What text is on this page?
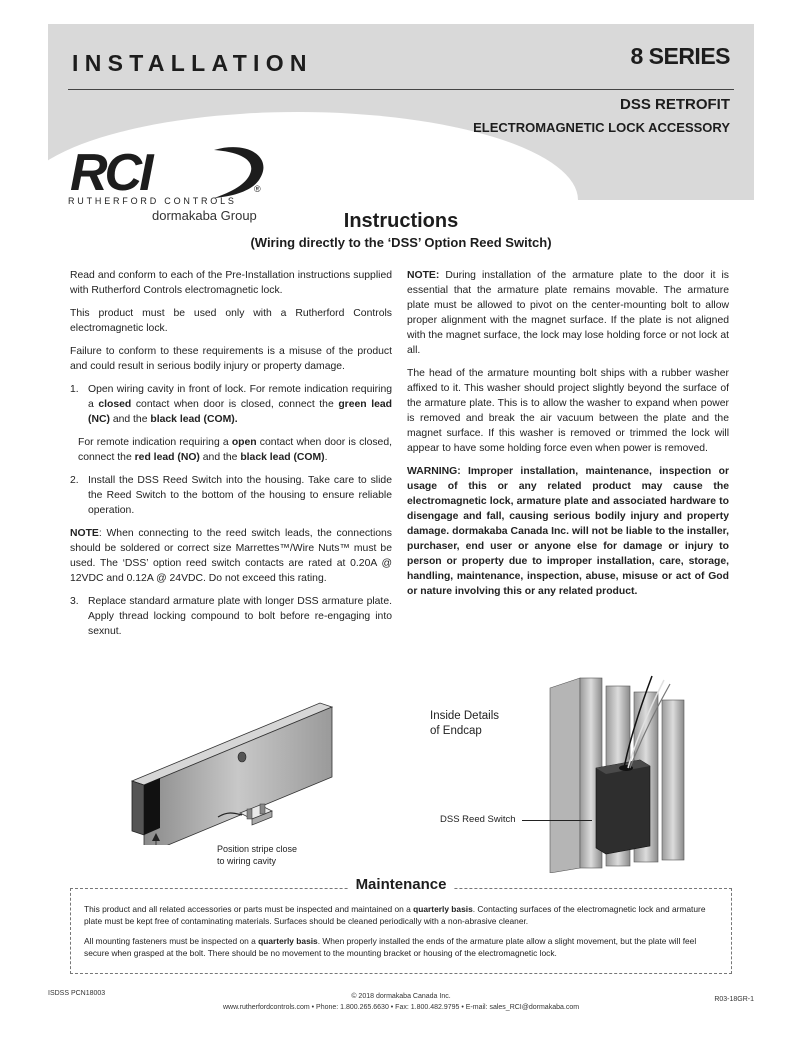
INSTALLATION	8 SERIES
DSS RETROFIT
ELECTROMAGNETIC LOCK ACCESSORY
RCI	®
RUTHERFORD CONTROLS
dormakaba Group	Instructions
(Wiring directly to the ‘DSS’ Option Reed Switch)

Read and conform to each of the Pre-Installation instructions supplied with Rutherford Controls electromagnetic lock.

This product must be used only with a Rutherford Controls electromagnetic lock.

Failure to conform to these requirements is a misuse of the product and could result in serious bodily injury or property damage.

1. Open wiring cavity in front of lock. For remote indication requiring a closed contact when door is closed, connect the green lead (NC) and the black lead (COM).
For remote indication requiring a open contact when door is closed, connect the red lead (NO) and the black lead (COM).
2. Install the DSS Reed Switch into the housing. Take care to slide the Reed Switch to the bottom of the housing to ensure reliable operation.

NOTE: When connecting to the reed switch leads, the connections should be soldered or correct size Marrettes™/Wire Nuts™ must be used. The ‘DSS’ option reed switch contacts are rated at 0.20A @ 12VDC and 0.12A @ 24VDC. Do not exceed this rating.

3. Replace standard armature plate with longer DSS armature plate. Apply thread locking compound to bolt before re-engaging into sexnut.

NOTE: During installation of the armature plate to the door it is essential that the armature plate remains movable. The armature plate must be allowed to pivot on the center-mounting bolt to allow proper alignment with the magnet surface. If the plate is not aligned with the magnet surface, the lock may lose holding force or not lock at all.

The head of the armature mounting bolt ships with a rubber washer affixed to it. This washer should project slightly beyond the surface of the armature plate. This is to allow the washer to expand when power is removed and break the air vacuum between the plate and the magnet surface. If this washer is removed or trimmed the lock will appear to have some holding force even when power is removed.

WARNING: Improper installation, maintenance, inspection or usage of this or any related product may cause the electromagnetic lock, armature plate and associated hardware to disengage and fall, causing serious bodily injury and property damage. dormakaba Canada Inc. will not be liable to the installer, purchaser, end user or anyone else for damage or injury to person or property due to improper installation, care, storage, handling, maintenance, inspection, abuse, misuse or act of God or nature involving this or any related product.

Position stripe close
to wiring cavity
Inside Details
of Endcap
DSS Reed Switch
Maintenance

This product and all related accessories or parts must be inspected and maintained on a quarterly basis. Contacting surfaces of the electromagnetic lock and armature plate must be kept free of contaminating materials. Surfaces should be cleaned periodically with a non-abrasive cleaner.

All mounting fasteners must be inspected on a quarterly basis. When properly installed the ends of the armature plate allow a slight movement, but the plate will feel secure when grasped at the bolt. There should be no movement to the mounting bracket or housing of the electromagnetic lock.

ISDSS PCN18003	© 2018 dormakaba Canada Inc.
www.rutherfordcontrols.com • Phone: 1.800.265.6630 • Fax: 1.800.482.9795 • E-mail: sales_RCI@dormakaba.com
R03-18GR-1
